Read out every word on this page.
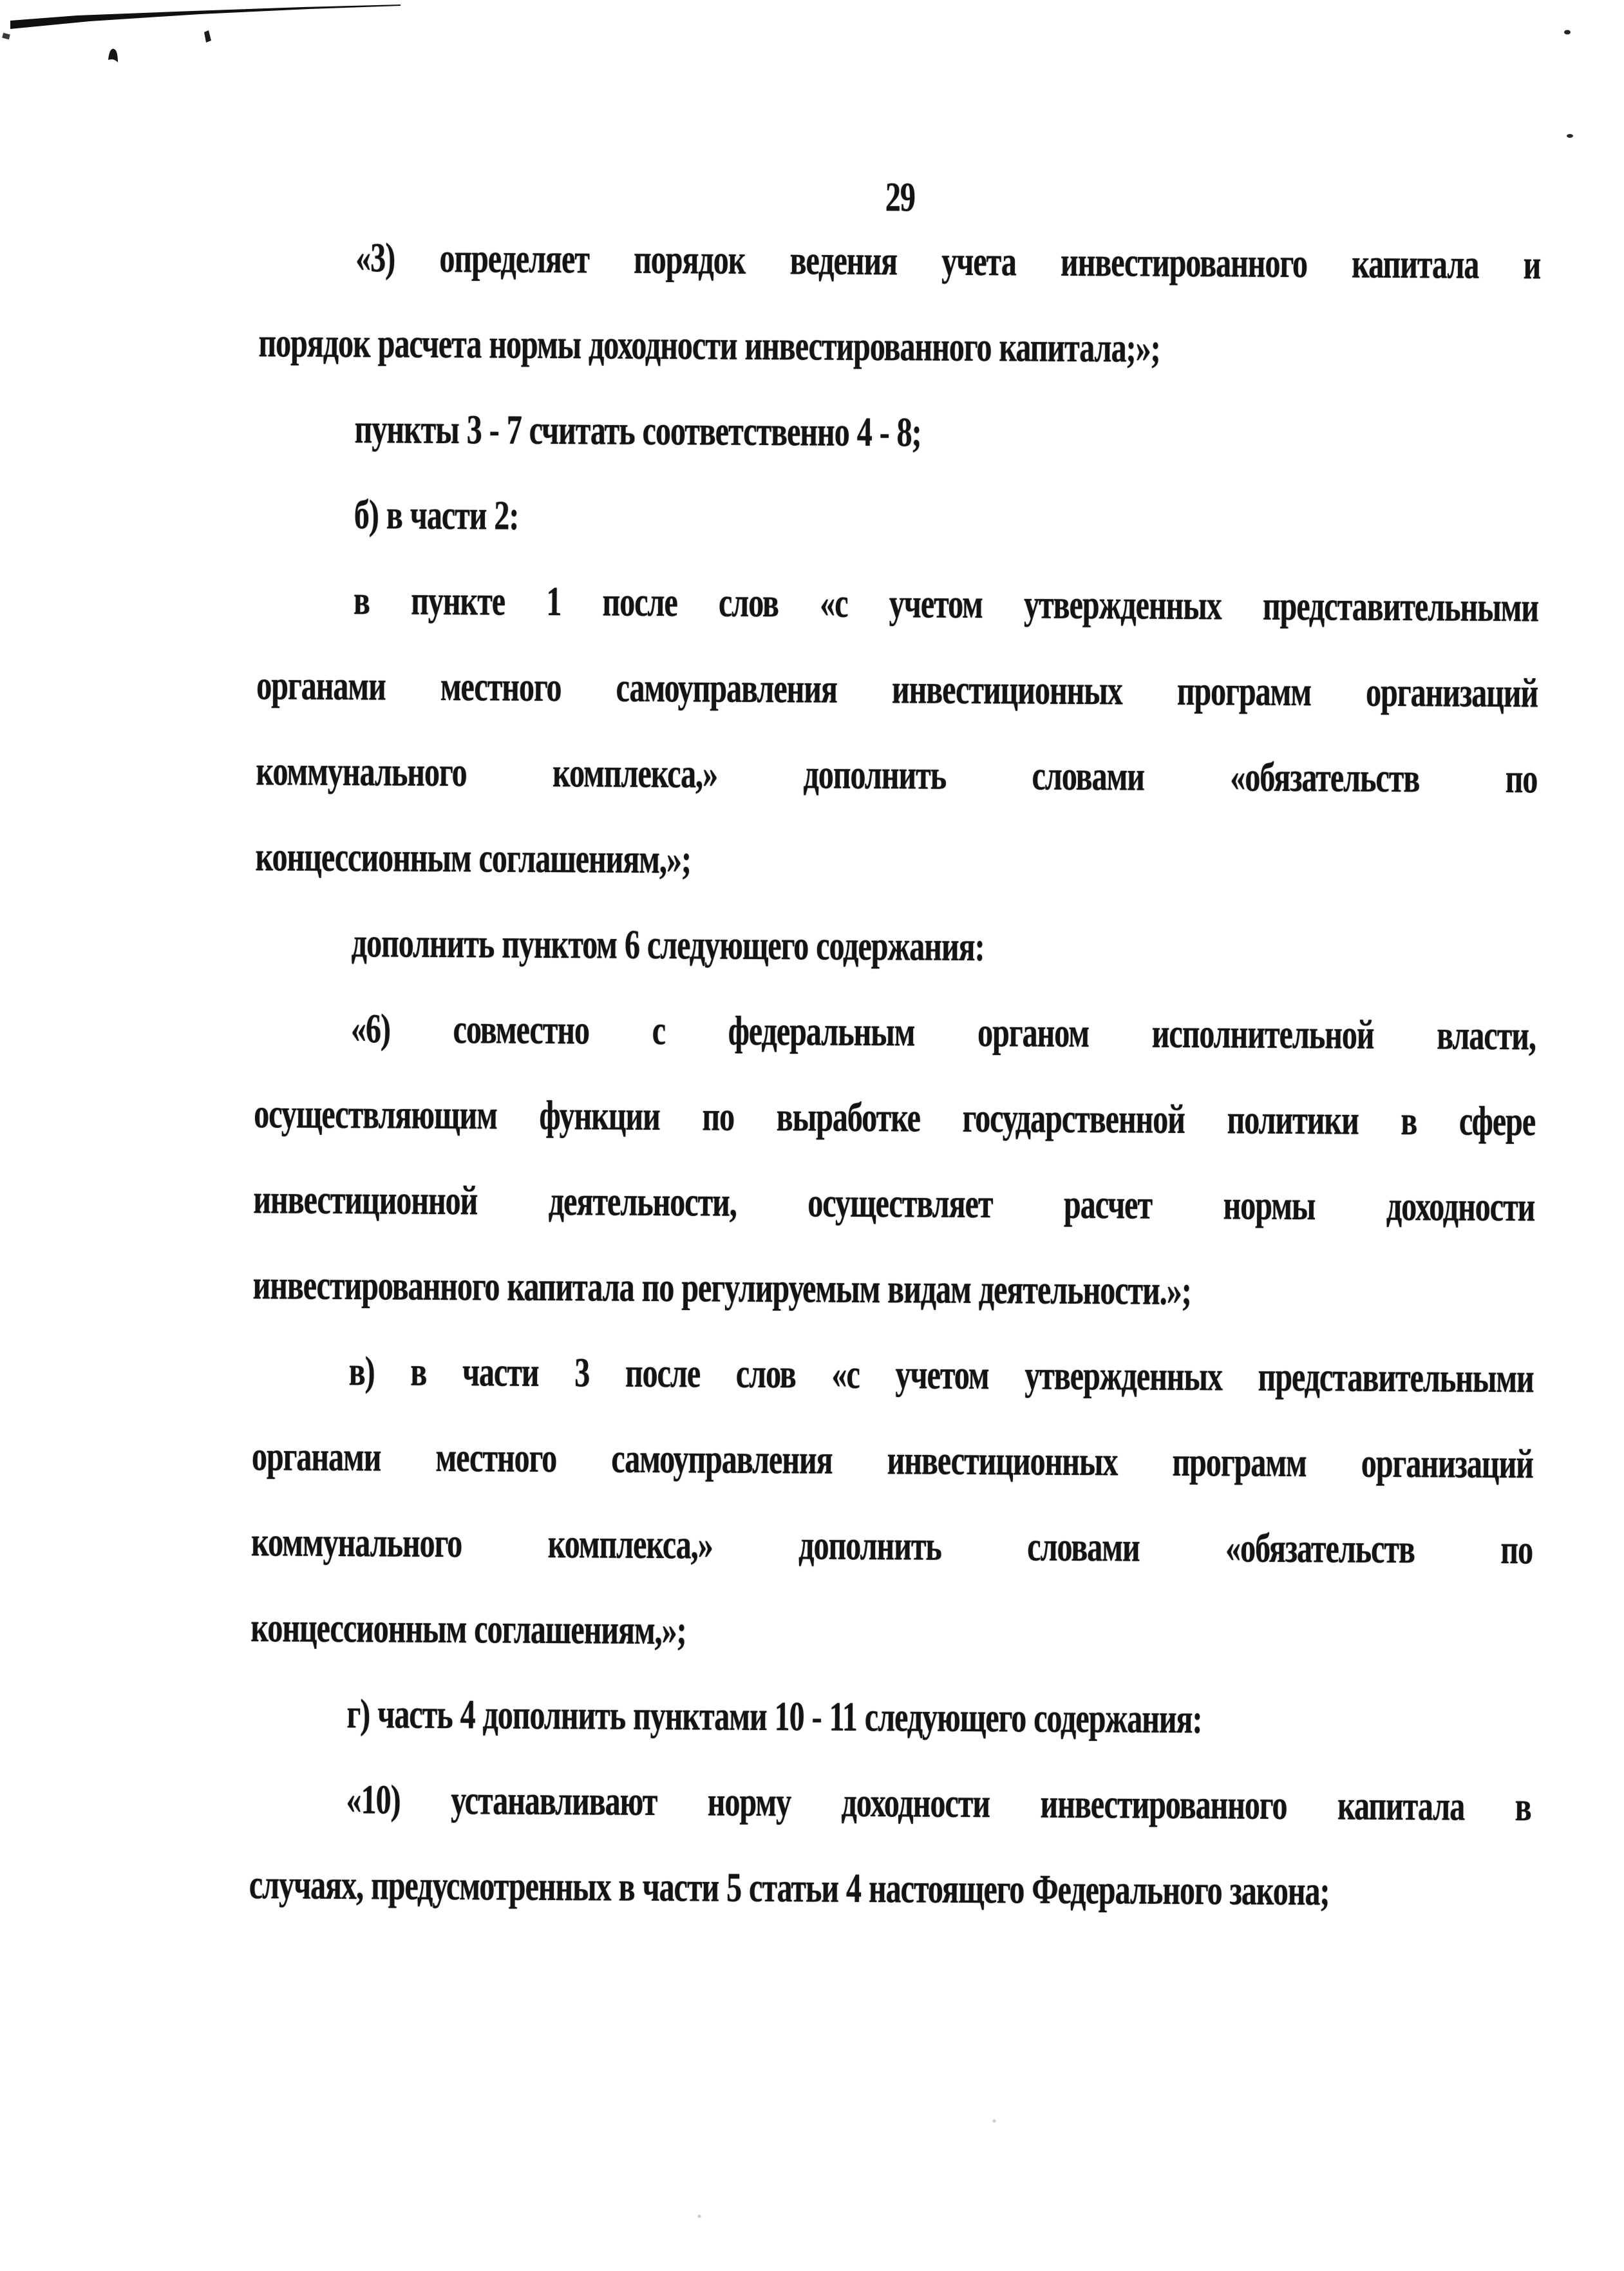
29
«3) определяет порядок ведения учета инвестированного капитала и
порядок расчета нормы доходности инвестированного капитала;»;
пункты 3 - 7 считать соответственно 4 - 8;
б) в части 2:
в пункте 1 после слов «с учетом утвержденных представительными
органами местного самоуправления инвестиционных программ организаций
коммунального комплекса,» дополнить словами «обязательств по
концессионным соглашениям,»;
дополнить пунктом 6 следующего содержания:
«6) совместно с федеральным органом исполнительной власти,
осуществляющим функции по выработке государственной политики в сфере
инвестиционной деятельности, осуществляет расчет нормы доходности
инвестированного капитала по регулируемым видам деятельности.»;
в) в части 3 после слов «с учетом утвержденных представительными
органами местного самоуправления инвестиционных программ организаций
коммунального комплекса,» дополнить словами «обязательств по
концессионным соглашениям,»;
г) часть 4 дополнить пунктами 10 - 11 следующего содержания:
«10) устанавливают норму доходности инвестированного капитала в
случаях, предусмотренных в части 5 статьи 4 настоящего Федерального закона;
